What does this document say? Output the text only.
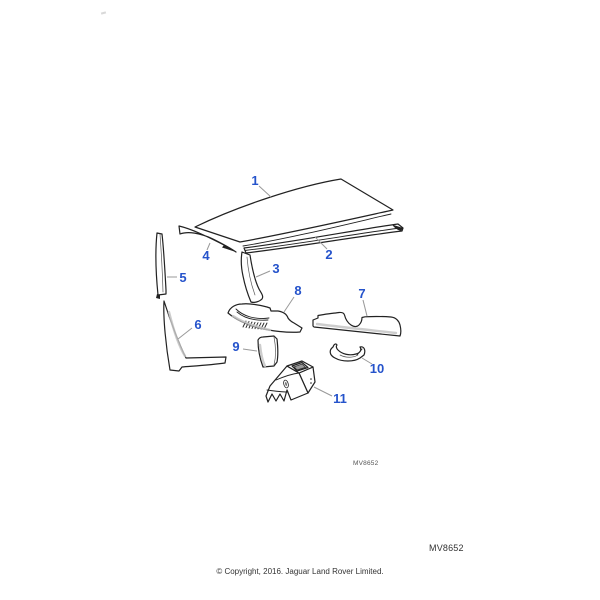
1
2
3
4
5
6
7
8
9
10
11
MV8652
MV8652
© Copyright, 2016. Jaguar Land Rover Limited.
